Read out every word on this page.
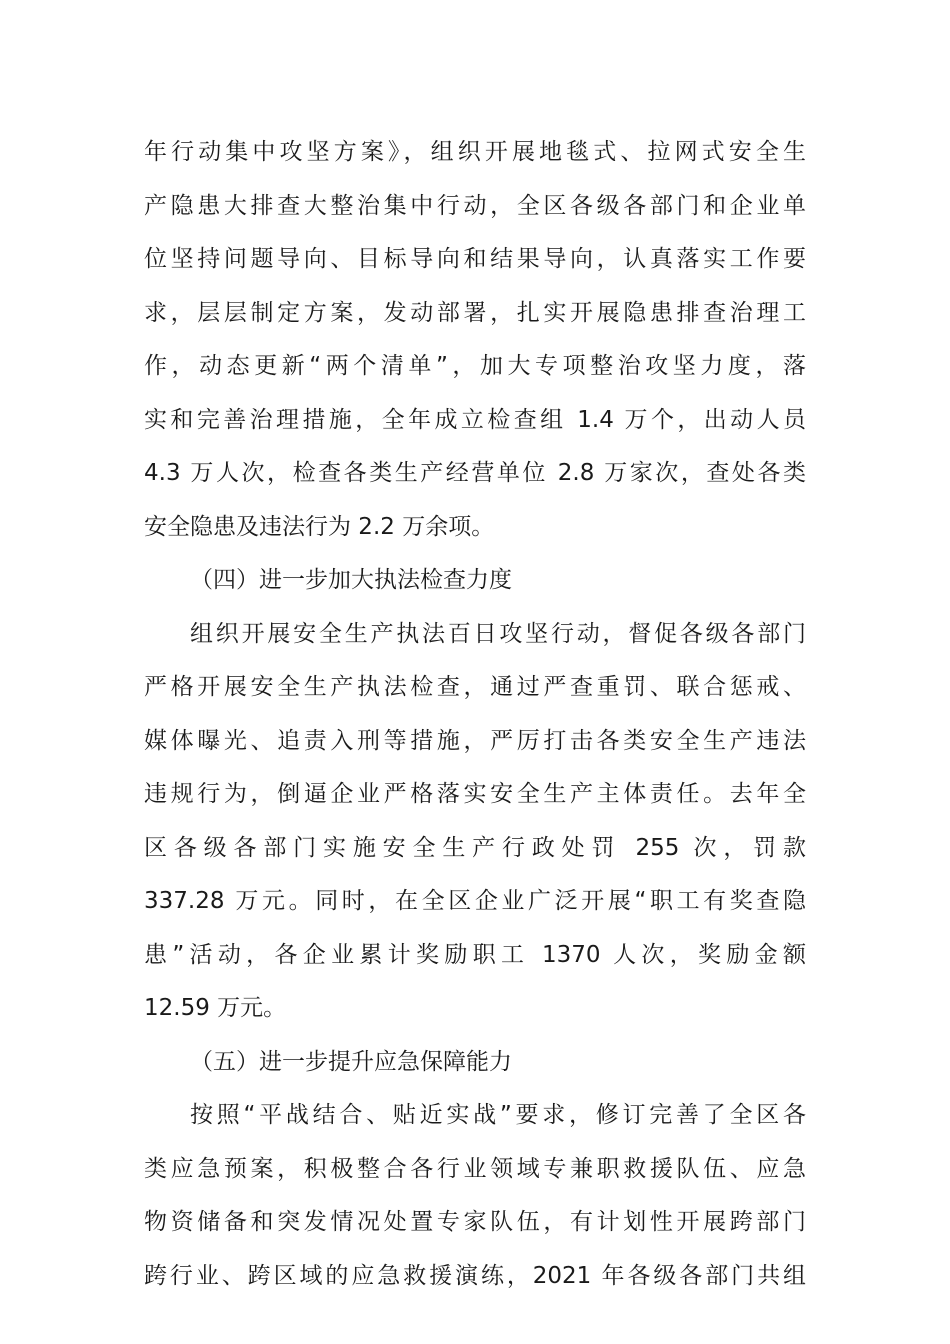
年行动集中攻坚方案》，组织开展地毯式、拉网式安全生
产隐患大排查大整治集中行动，全区各级各部门和企业单
位坚持问题导向、目标导向和结果导向，认真落实工作要
求，层层制定方案，发动部署，扎实开展隐患排查治理工
作，动态更新“两个清单”，加大专项整治攻坚力度，落
实和完善治理措施，全年成立检查组 1.4 万个，出动人员
4.3 万人次，检查各类生产经营单位 2.8 万家次，查处各类
安全隐患及违法行为 2.2 万余项。
（四）进一步加大执法检查力度
组织开展安全生产执法百日攻坚行动，督促各级各部门
严格开展安全生产执法检查，通过严查重罚、联合惩戒、
媒体曝光、追责入刑等措施，严厉打击各类安全生产违法
违规行为，倒逼企业严格落实安全生产主体责任。去年全
区各级各部门实施安全生产行政处罚 255 次，罚款
337.28 万元。同时，在全区企业广泛开展“职工有奖查隐
患”活动，各企业累计奖励职工 1370 人次，奖励金额
12.59 万元。
（五）进一步提升应急保障能力
按照“平战结合、贴近实战”要求，修订完善了全区各
类应急预案，积极整合各行业领域专兼职救援队伍、应急
物资储备和突发情况处置专家队伍，有计划性开展跨部门
跨行业、跨区域的应急救援演练，2021 年各级各部门共组
